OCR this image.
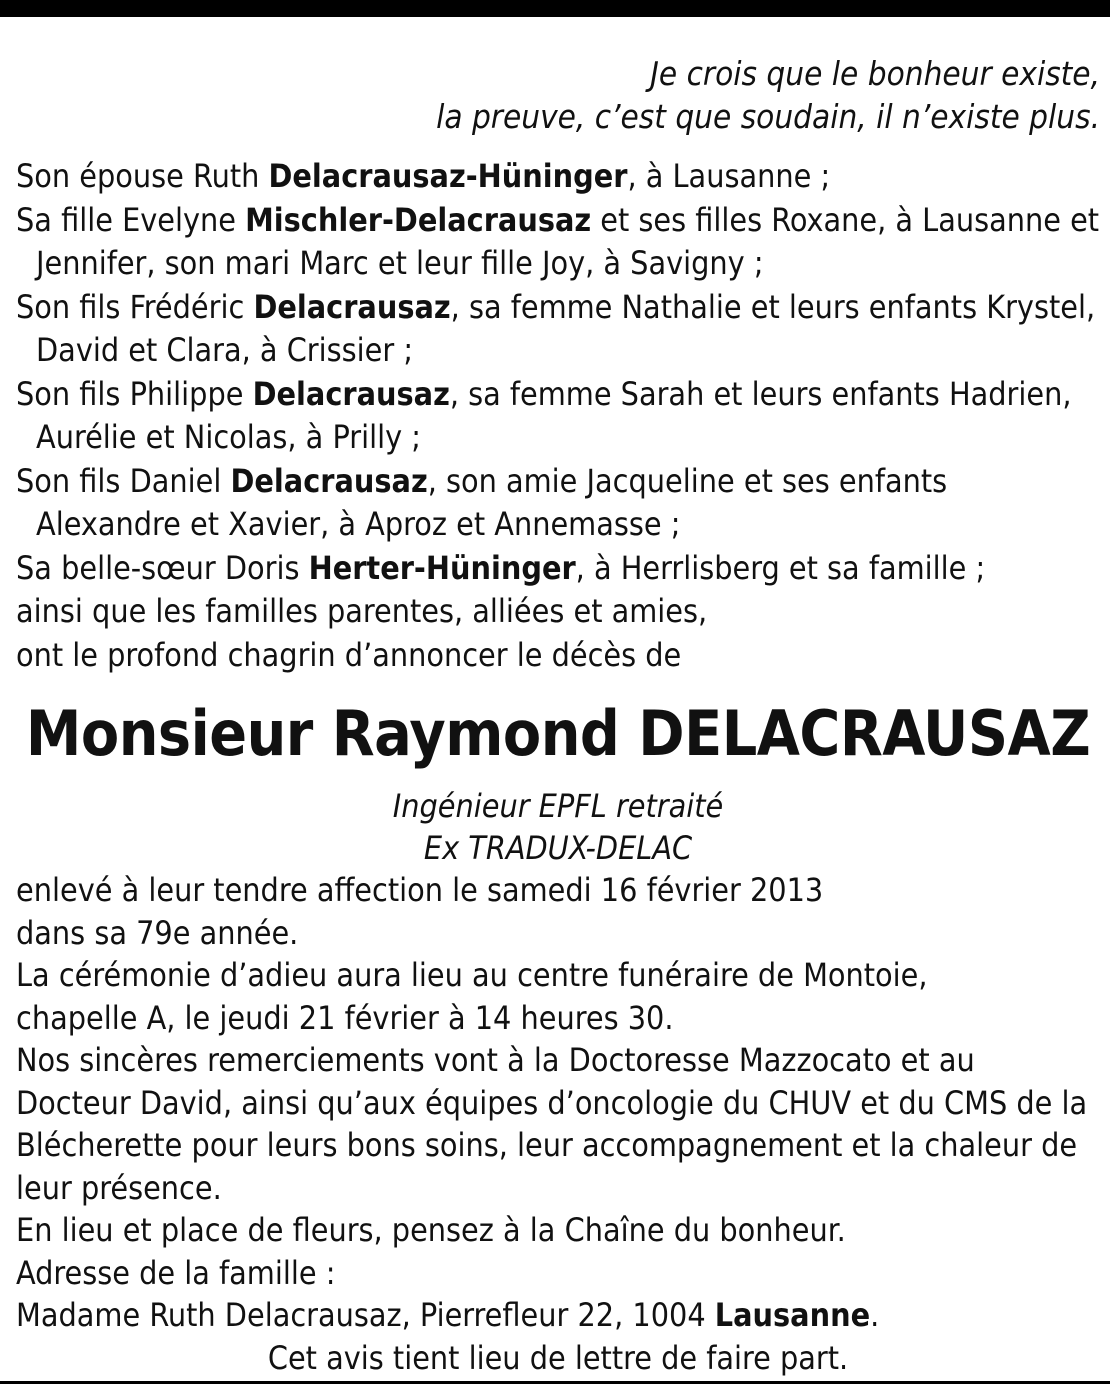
Je crois que le bonheur existe,
la preuve, c’est que soudain, il n’existe plus.

Son épouse Ruth Delacrausaz-Hüninger, à Lausanne ;

Sa fille Evelyne Mischler-Delacrausaz et ses filles Roxane, à Lausanne et Jennifer, son mari Marc et leur fille Joy, à Savigny ;

Son fils Frédéric Delacrausaz, sa femme Nathalie et leurs enfants Krystel, David et Clara, à Crissier ;

Son fils Philippe Delacrausaz, sa femme Sarah et leurs enfants Hadrien, Aurélie et Nicolas, à Prilly ;

Son fils Daniel Delacrausaz, son amie Jacqueline et ses enfants Alexandre et Xavier, à Aproz et Annemasse ;

Sa belle-sœur Doris Herter-Hüninger, à Herrlisberg et sa famille ;

ainsi que les familles parentes, alliées et amies,

ont le profond chagrin d’annoncer le décès de

Monsieur Raymond DELACRAUSAZ
Ingénieur EPFL retraité
Ex TRADUX-DELAC

enlevé à leur tendre affection le samedi 16 février 2013

dans sa 79e année.

La cérémonie d’adieu aura lieu au centre funéraire de Montoie,

chapelle A, le jeudi 21 février à 14 heures 30.

Nos sincères remerciements vont à la Doctoresse Mazzocato et au

Docteur David, ainsi qu’aux équipes d’oncologie du CHUV et du CMS de la

Blécherette pour leurs bons soins, leur accompagnement et la chaleur de

leur présence.

En lieu et place de fleurs, pensez à la Chaîne du bonheur.

Adresse de la famille :

Madame Ruth Delacrausaz, Pierrefleur 22, 1004 Lausanne.

Cet avis tient lieu de lettre de faire part.
